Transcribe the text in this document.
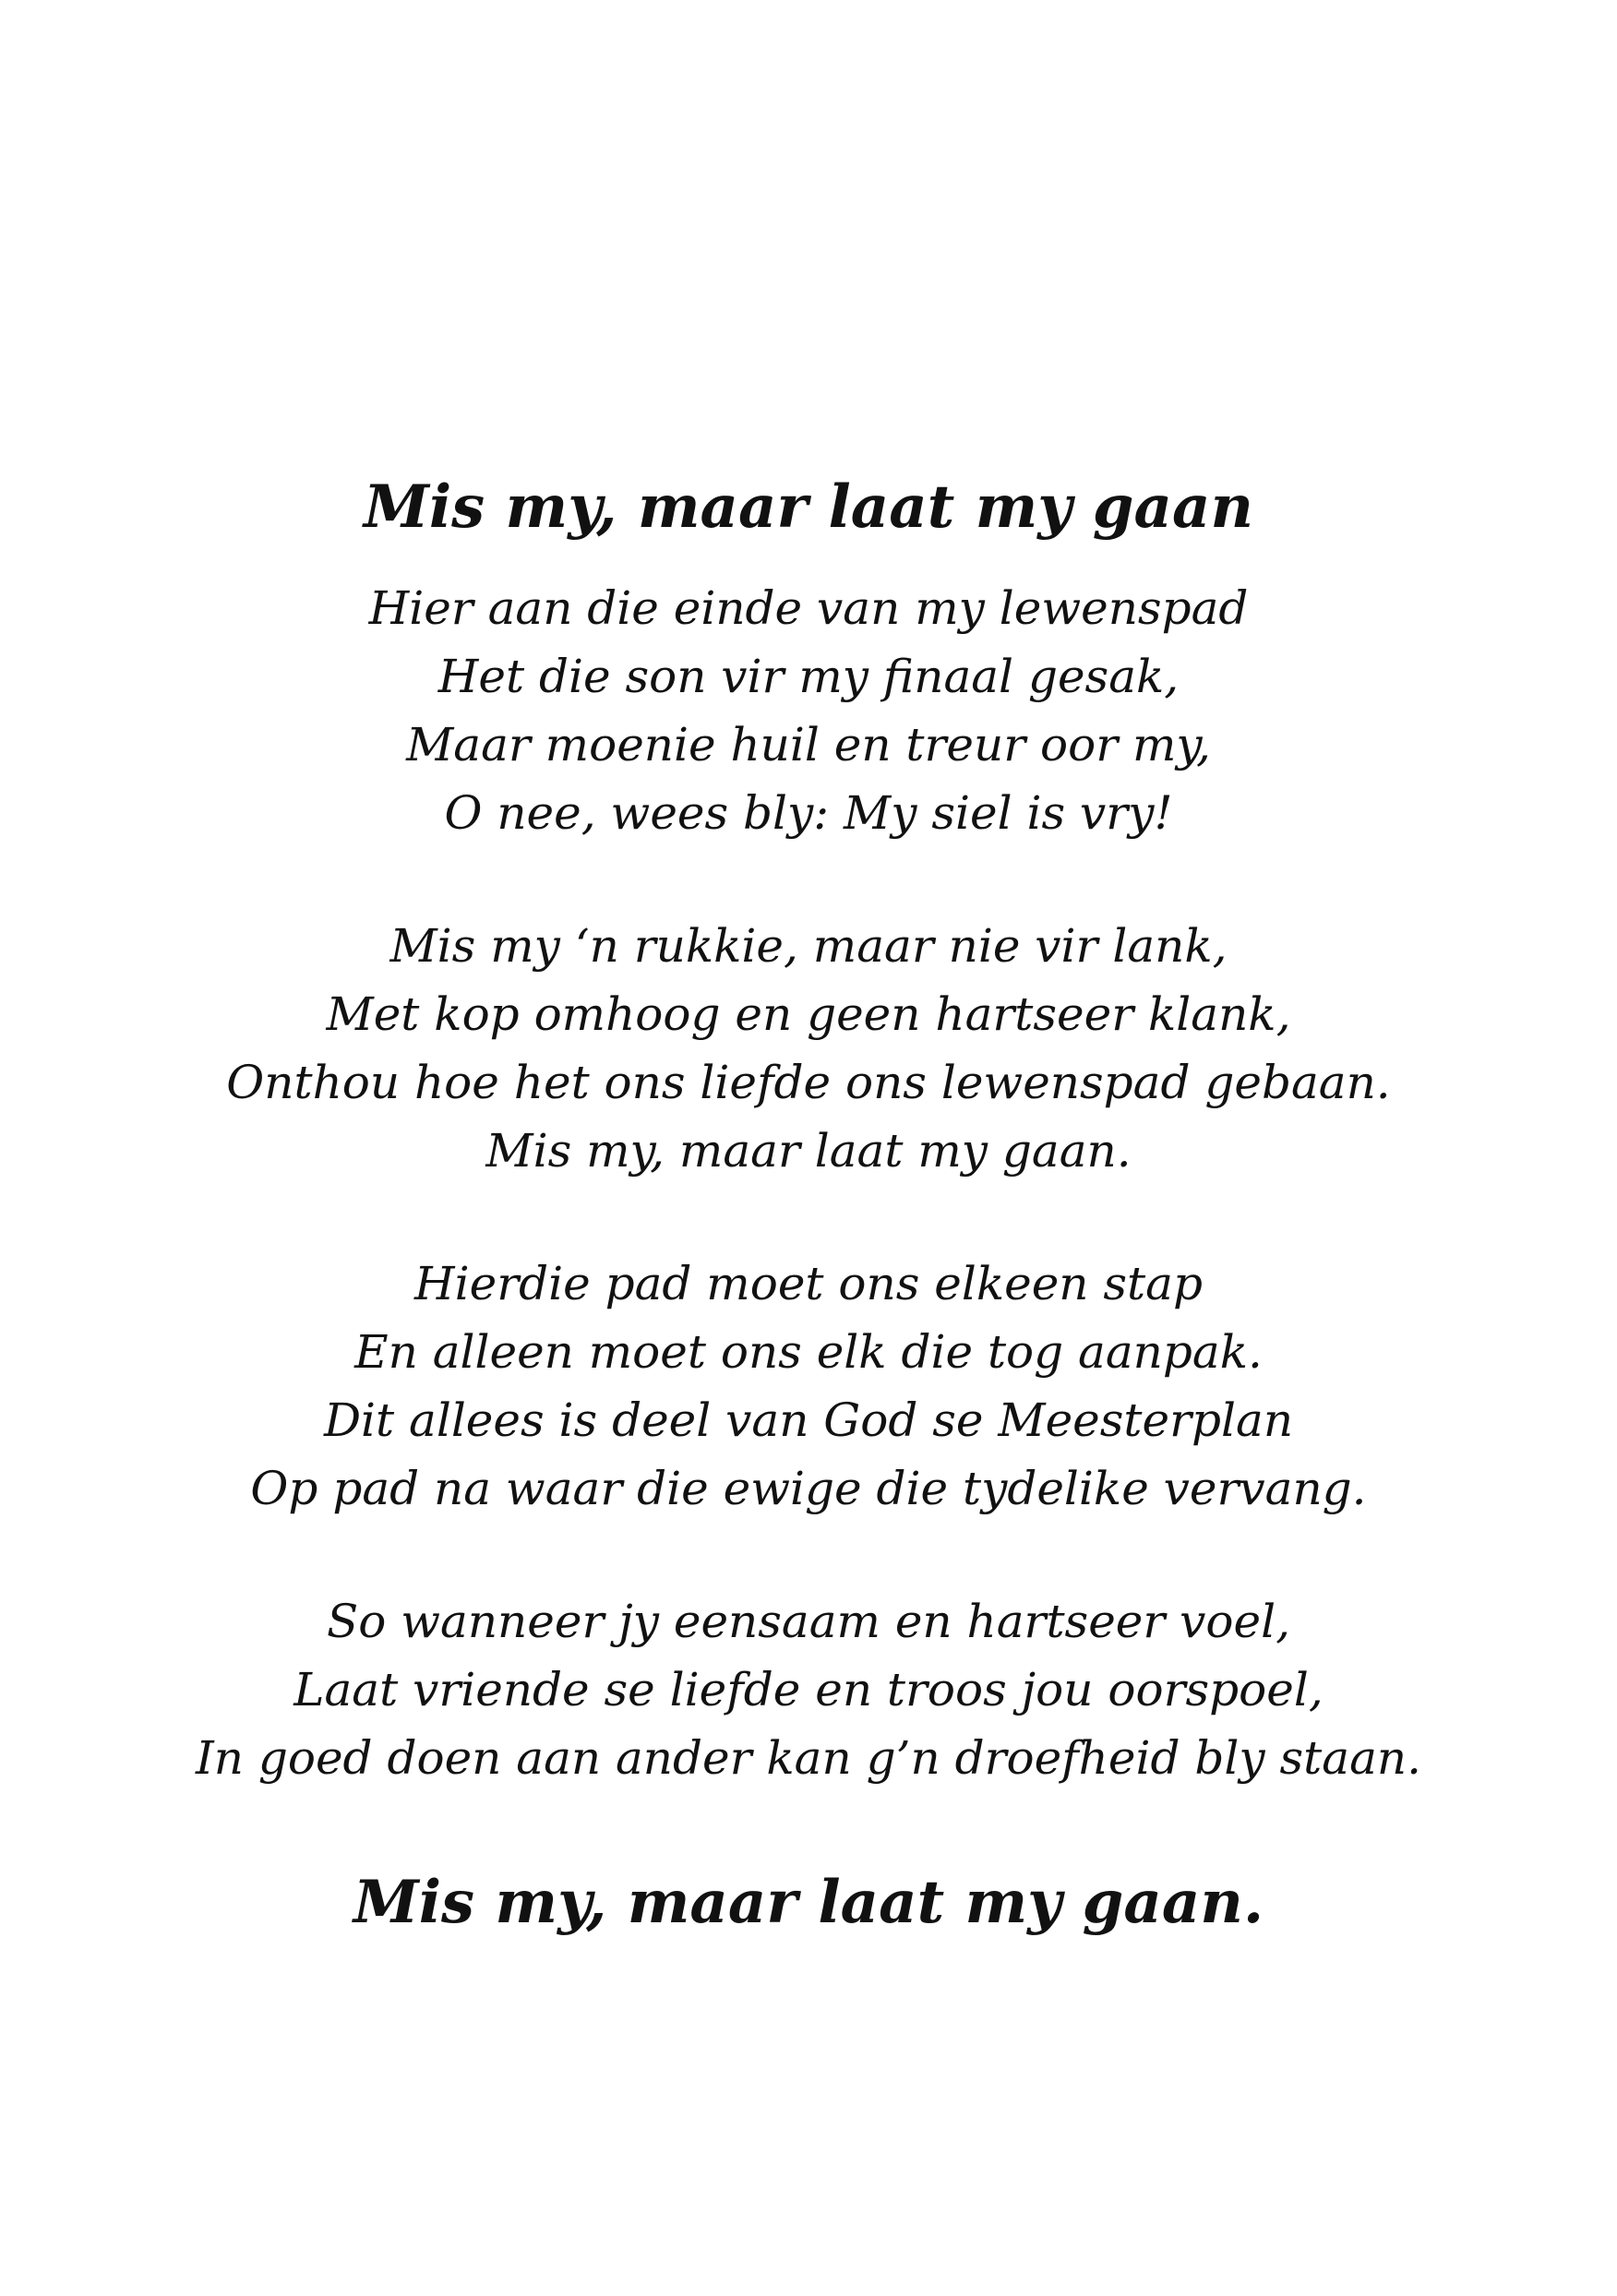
Mis my, maar laat my gaan
Hier aan die einde van my lewenspad
Het die son vir my finaal gesak,
Maar moenie huil en treur oor my,
O nee, wees bly: My siel is vry!
Mis my ‘n rukkie, maar nie vir lank,
Met kop omhoog en geen hartseer klank,
Onthou hoe het ons liefde ons lewenspad gebaan.
Mis my, maar laat my gaan.
Hierdie pad moet ons elkeen stap
En alleen moet ons elk die tog aanpak.
Dit allees is deel van God se Meesterplan
Op pad na waar die ewige die tydelike vervang.
So wanneer jy eensaam en hartseer voel,
Laat vriende se liefde en troos jou oorspoel,
In goed doen aan ander kan g’n droefheid bly staan.

Mis my, maar laat my gaan.
